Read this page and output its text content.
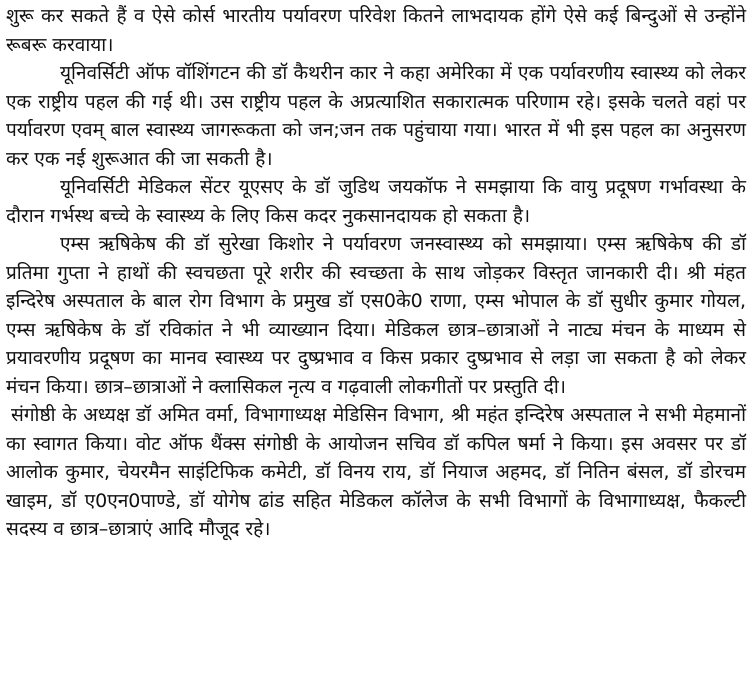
शुरू कर सकते हैं व ऐसे कोर्स भारतीय पर्यावरण परिवेश कितने लाभदायक होंगे ऐसे कई बिन्दुओं से उन्होंने रूबरू करवाया।

यूनिवर्सिटी ऑफ वॉशिंगटन की डॉ कैथरीन कार ने कहा अमेरिका में एक पर्यावरणीय स्वास्थ्य को लेकर एक राष्ट्रीय पहल की गई थी। उस राष्ट्रीय पहल के अप्रत्याशित सकारात्मक परिणाम रहे। इसके चलते वहां पर पर्यावरण एवम् बाल स्वास्थ्य जागरूकता को जन;जन तक पहुंचाया गया। भारत में भी इस पहल का अनुसरण कर एक नई शुरूआत की जा सकती है।

यूनिवर्सिटी मेडिकल सेंटर यूएसए के डॉ जुडिथ जयकॉफ ने समझाया कि वायु प्रदूषण गर्भावस्था के दौरान गर्भस्थ बच्चे के स्वास्थ्य के लिए किस कदर नुकसानदायक हो सकता है।

एम्स ऋषिकेष की डॉ सुरेखा किशोर ने पर्यावरण जनस्वास्थ्य को समझाया। एम्स ऋषिकेष की डॉ प्रतिमा गुप्ता ने हाथों की स्वचछता पूरे शरीर की स्वच्छता के साथ जोड़कर विस्तृत जानकारी दी। श्री मंहत इन्दिरेष अस्पताल के बाल रोग विभाग के प्रमुख डॉ एस0के0 राणा, एम्स भोपाल के डॉ सुधीर कुमार गोयल, एम्स ऋषिकेष के डॉ रविकांत ने भी व्याख्यान दिया। मेडिकल छात्र–छात्राओं ने नाट्य मंचन के माध्यम से प्रयावरणीय प्रदूषण का मानव स्वास्थ्य पर दुष्प्रभाव व किस प्रकार दुष्प्रभाव से लड़ा जा सकता है को लेकर मंचन किया। छात्र–छात्राओं ने क्लासिकल नृत्य व गढ़वाली लोकगीतों पर प्रस्तुति दी।

संगोष्ठी के अध्यक्ष डॉ अमित वर्मा, विभागाध्यक्ष मेडिसिन विभाग, श्री महंत इन्दिरेष अस्पताल ने सभी मेहमानों का स्वागत किया। वोट ऑफ थैंक्स संगोष्ठी के आयोजन सचिव डॉ कपिल षर्मा ने किया। इस अवसर पर डॉ आलोक कुमार, चेयरमैन साइंटिफिक कमेटी, डॉ विनय राय, डॉ नियाज अहमद, डॉ नितिन बंसल, डॉ डोरचम खाइम, डॉ ए0एन0पाण्डे, डॉ योगेष ढांड सहित मेडिकल कॉलेज के सभी विभागों के विभागाध्यक्ष, फैकल्टी सदस्य व छात्र–छात्राएं आदि मौजूद रहे।
